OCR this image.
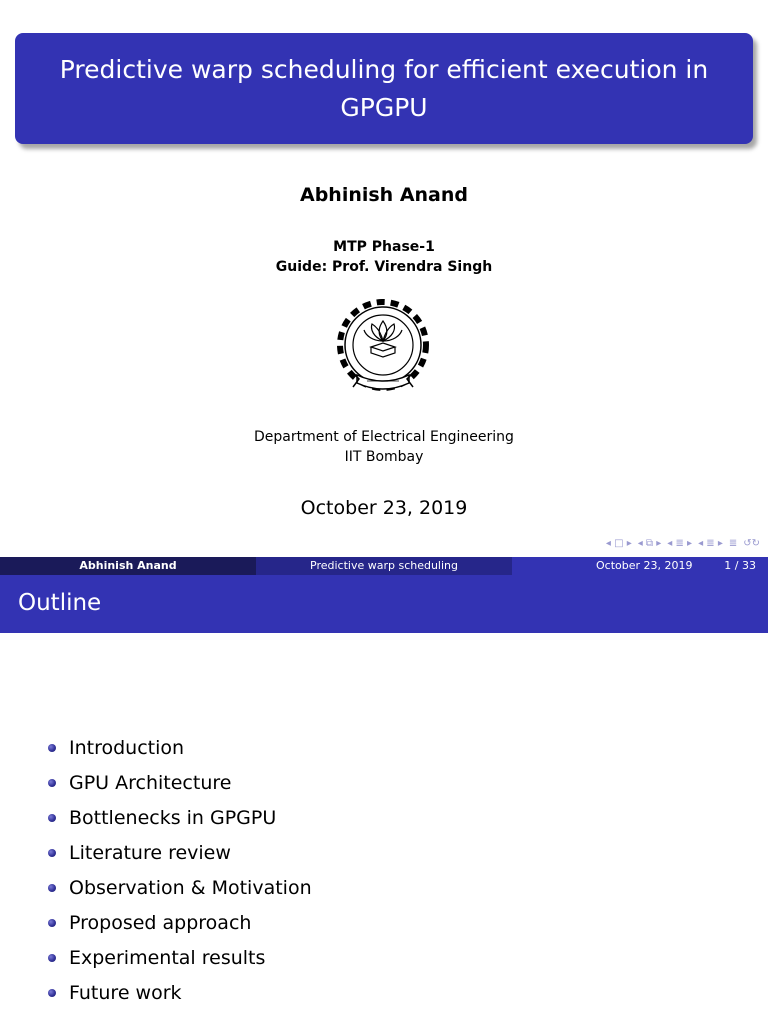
Predictive warp scheduling for efficient execution in GPGPU
Abhinish Anand
MTP Phase-1
Guide: Prof. Virendra Singh
Department of Electrical Engineering
IIT Bombay
October 23, 2019
◂ □ ▸ ◂ ⧉ ▸ ◂ ≣ ▸ ◂ ≣ ▸ ≣ ↺↻
Abhinish Anand	Predictive warp scheduling	October 23, 2019	1 / 33
Outline
Introduction
GPU Architecture
Bottlenecks in GPGPU
Literature review
Observation & Motivation
Proposed approach
Experimental results
Future work
